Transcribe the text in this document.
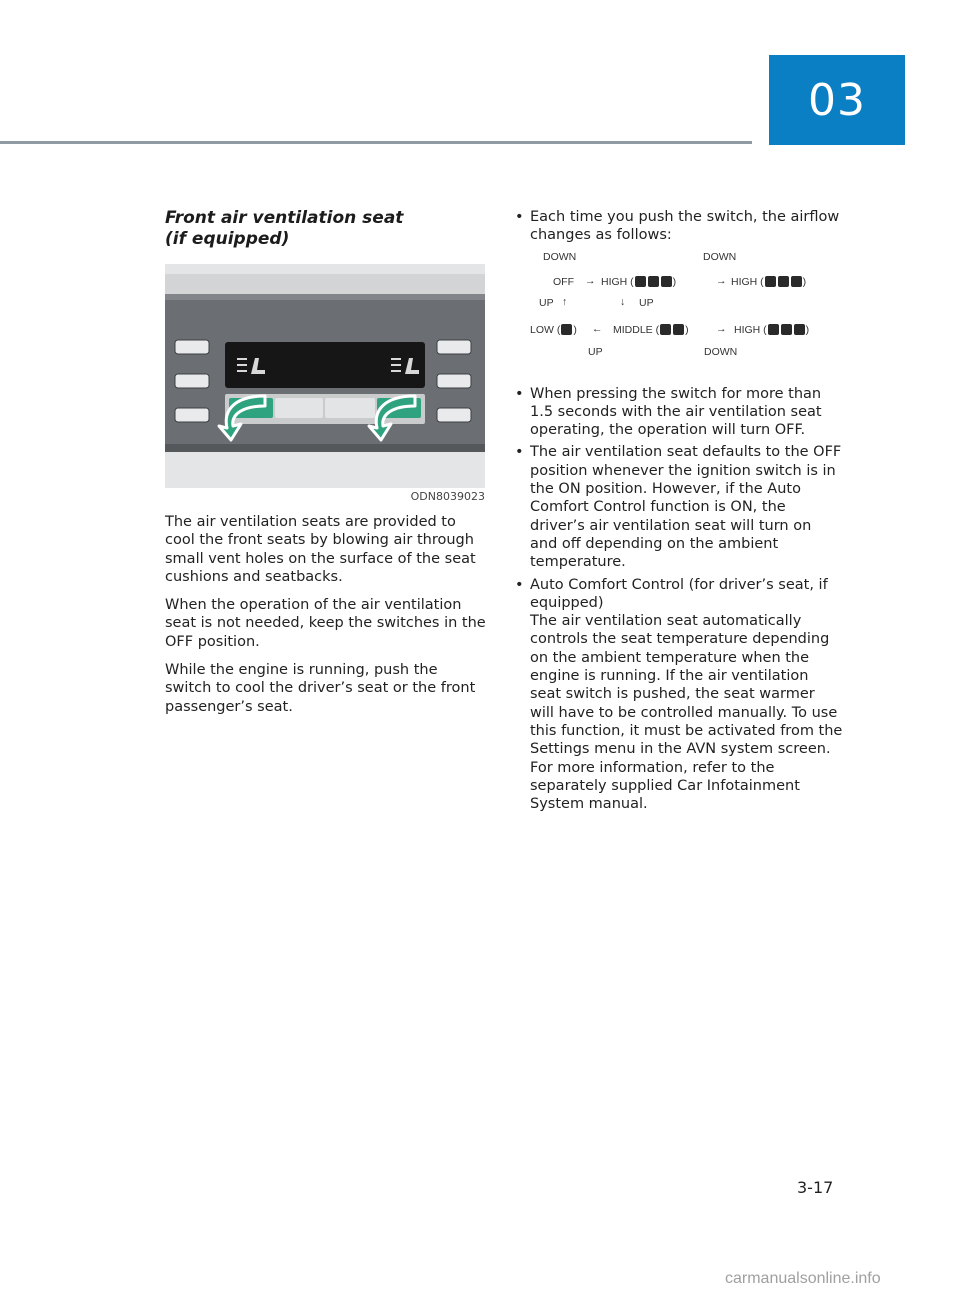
03
Front air ventilation seat
(if equipped)
ODN8039023

The air ventilation seats are provided to cool the front seats by blowing air through small vent holes on the surface of the seat cushions and seatbacks.

When the operation of the air ventilation seat is not needed, keep the switches in the OFF position.

While the engine is running, push the switch to cool the driver’s seat or the front passenger’s seat.

• Each time you push the switch, the airflow changes as follows:
DOWN	DOWN
OFF → HIGH (	)	→ HIGH (	)
UP ↑	↓ UP
LOW ( ) ← MIDDLE ( )	→ HIGH (	)
UP	DOWN
• When pressing the switch for more than 1.5 seconds with the air ventilation seat operating, the operation will turn OFF.
• The air ventilation seat defaults to the OFF position whenever the ignition switch is in the ON position. However, if the Auto Comfort Control function is ON, the driver’s air ventilation seat will turn on and off depending on the ambient temperature.
• Auto Comfort Control (for driver’s seat, if equipped)
The air ventilation seat automatically controls the seat temperature depending on the ambient temperature when the engine is running. If the air ventilation seat switch is pushed, the seat warmer will have to be controlled manually. To use this function, it must be activated from the Settings menu in the AVN system screen. For more information, refer to the separately supplied Car Infotainment System manual.
3-17
carmanualsonline.info
